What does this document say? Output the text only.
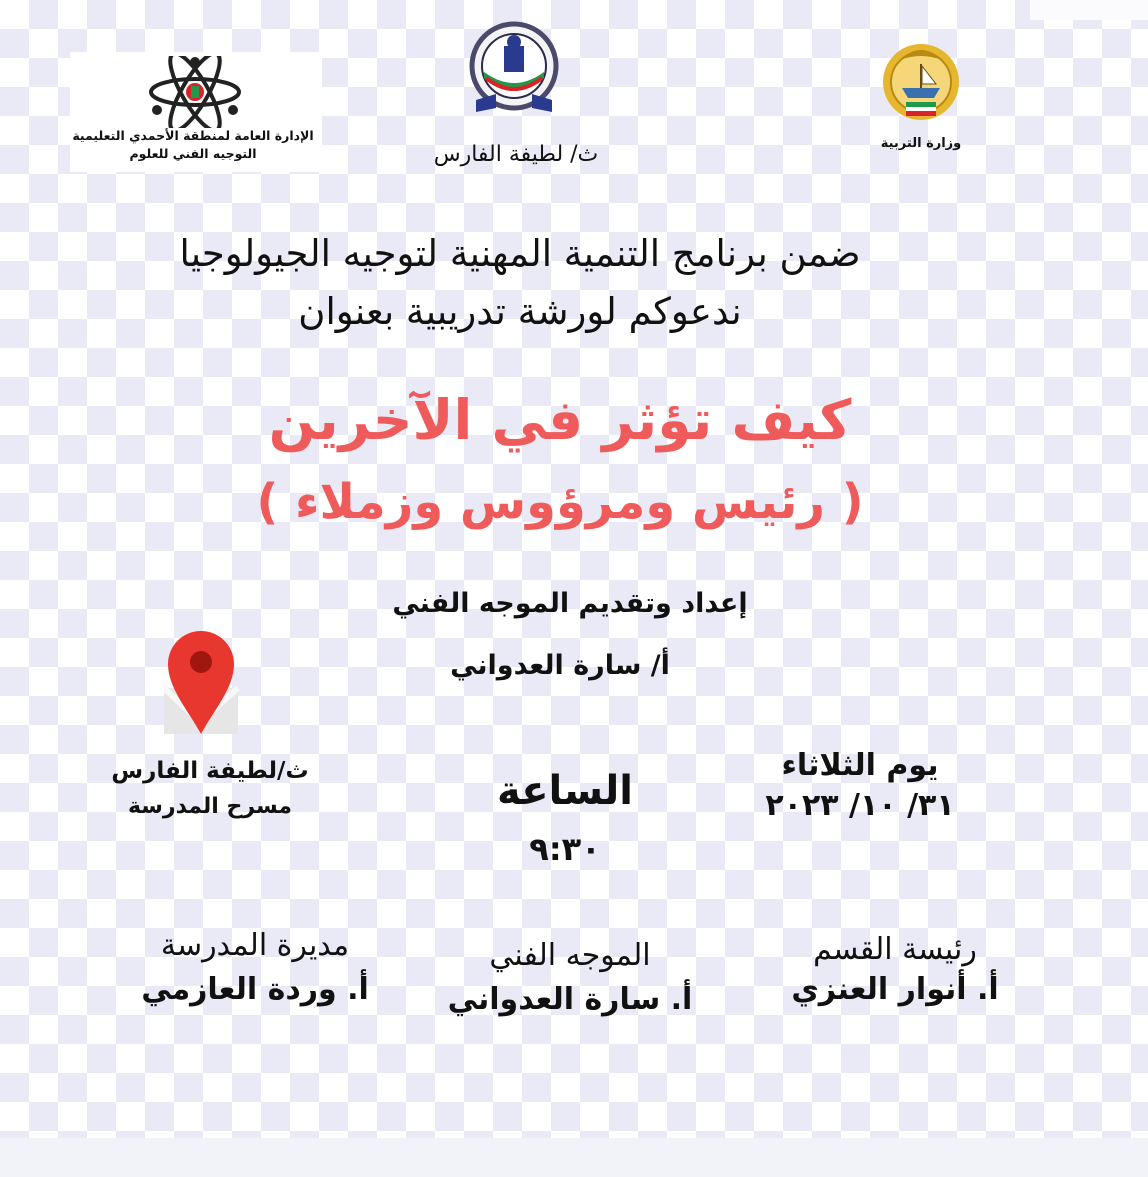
الإدارة العامة لمنطقة الأحمدي التعليمية
التوجيه الفني للعلوم	ث/ لطيفة الفارس	وزارة التربية
ضمن برنامج التنمية المهنية لتوجيه الجيولوجيا
ندعوكم لورشة تدريبية بعنوان
كيف تؤثر في الآخرين
( رئيس ومرؤوس وزملاء )
إعداد وتقديم الموجه الفني
أ/ سارة العدواني
ث/لطيفة الفارس
مسرح المدرسة	الساعة
٩:٣٠
يوم الثلاثاء
٣١/ ١٠/ ٢٠٢٣
مديرة المدرسة
أ. وردة العازمي
الموجه الفني
أ. سارة العدواني
رئيسة القسم
أ. أنوار العنزي
